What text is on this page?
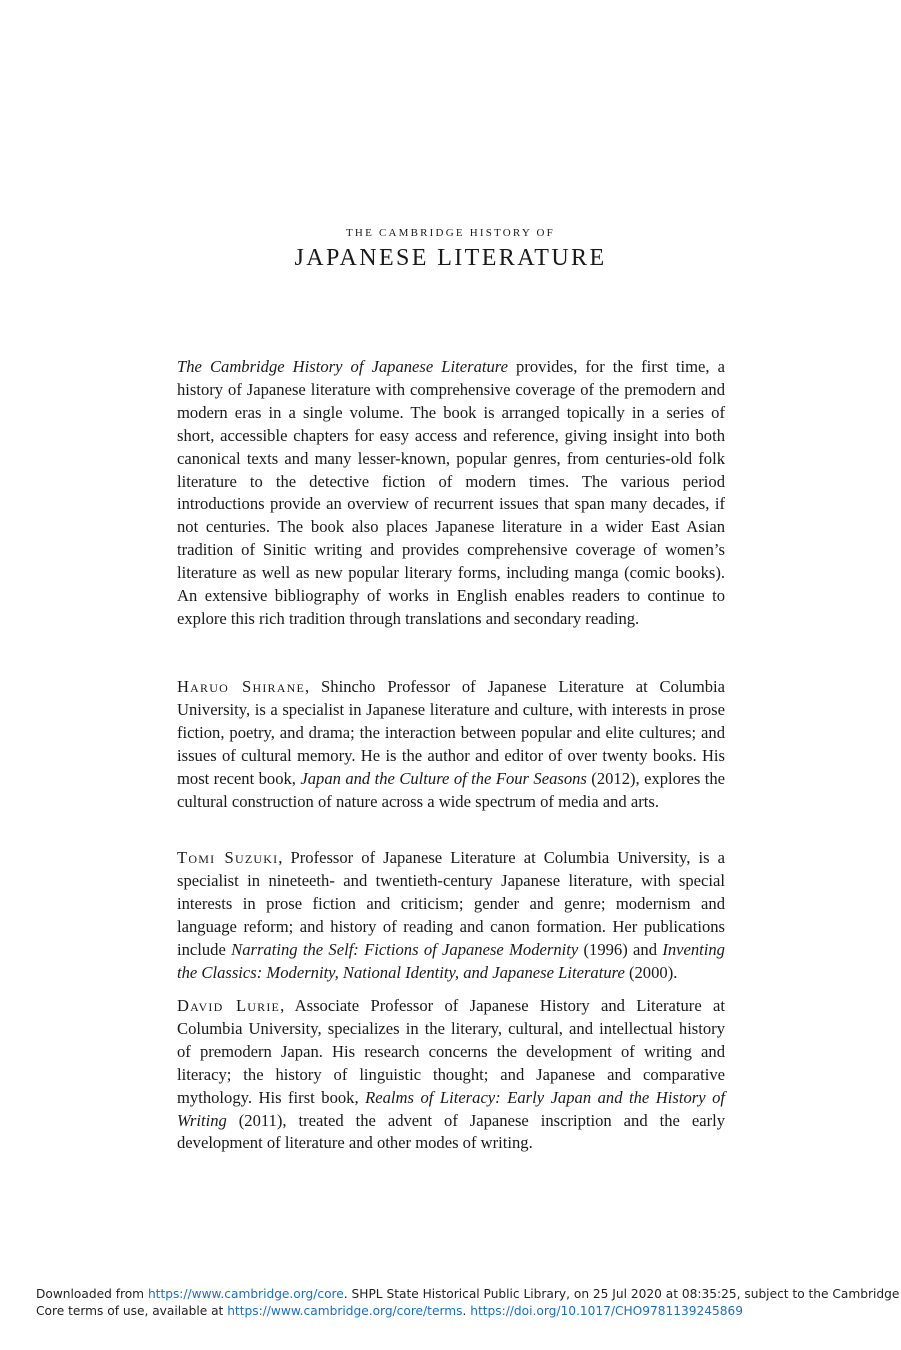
THE CAMBRIDGE HISTORY OF
JAPANESE LITERATURE

The Cambridge History of Japanese Literature provides, for the first time, a history of Japanese literature with comprehensive coverage of the premodern and modern eras in a single volume. The book is arranged topically in a series of short, accessible chapters for easy access and reference, giving insight into both canonical texts and many lesser-known, popular genres, from centuries-old folk literature to the detective fiction of modern times. The various period introductions provide an overview of recurrent issues that span many decades, if not centuries. The book also places Japanese literature in a wider East Asian tradition of Sinitic writing and provides comprehensive coverage of women’s literature as well as new popular literary forms, including manga (comic books). An extensive bibliography of works in English enables readers to continue to explore this rich tradition through translations and secondary reading.

Haruo Shirane, Shincho Professor of Japanese Literature at Columbia University, is a specialist in Japanese literature and culture, with interests in prose fiction, poetry, and drama; the interaction between popular and elite cultures; and issues of cultural memory. He is the author and editor of over twenty books. His most recent book, Japan and the Culture of the Four Seasons (2012), explores the cultural construction of nature across a wide spectrum of media and arts.

Tomi Suzuki, Professor of Japanese Literature at Columbia University, is a specialist in nineteeth- and twentieth-century Japanese literature, with special interests in prose fiction and criticism; gender and genre; modernism and language reform; and history of reading and canon formation. Her publications include Narrating the Self: Fictions of Japanese Modernity (1996) and Inventing the Classics: Modernity, National Identity, and Japanese Literature (2000).

David Lurie, Associate Professor of Japanese History and Literature at Columbia University, specializes in the literary, cultural, and intellectual history of premodern Japan. His research concerns the development of writing and literacy; the history of linguistic thought; and Japanese and comparative mythology. His first book, Realms of Literacy: Early Japan and the History of Writing (2011), treated the advent of Japanese inscription and the early development of literature and other modes of writing.

Downloaded from https://www.cambridge.org/core. SHPL State Historical Public Library, on 25 Jul 2020 at 08:35:25, subject to the Cambridge
Core terms of use, available at https://www.cambridge.org/core/terms. https://doi.org/10.1017/CHO9781139245869
